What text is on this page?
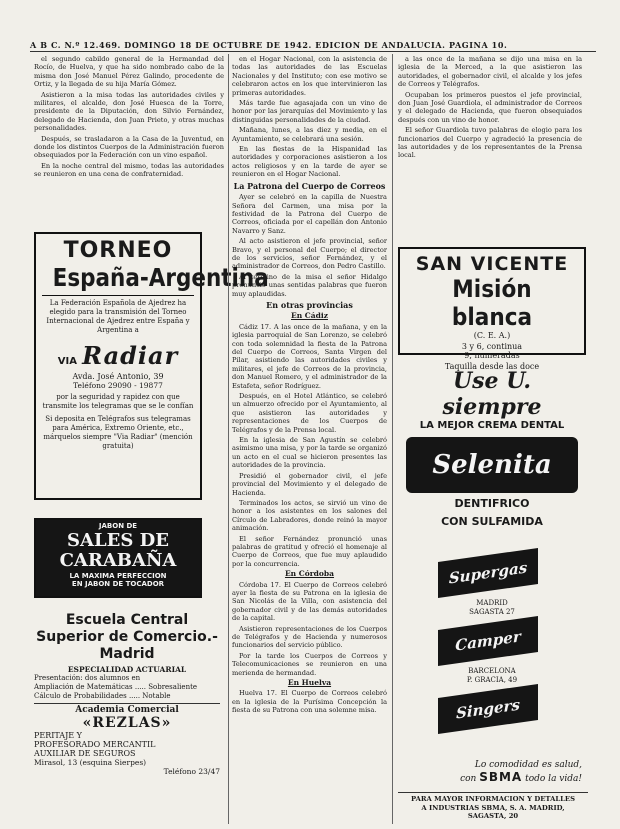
A B C. N.º 12.469. DOMINGO 18 DE OCTUBRE DE 1942. EDICION DE ANDALUCIA. PAGINA 10.

el segundo cabildo general de la Hermandad del Rocío, de Huelva, y que ha sido nombrado cabo de la misma don José Manuel Pérez Galindo, procedente de Ortiz, y la llegada de su hija María Gómez.

Asistieron a la misa todas las autoridades civiles y militares, el alcalde, don José Huesca de la Torre, presidente de la Diputación, don Silvio Fernández, delegado de Hacienda, don Juan Prieto, y otras muchas personalidades.

Después, se trasladaron a la Casa de la Juventud, en donde los distintos Cuerpos de la Administración fueron obsequiados por la Federación con un vino español.

En la noche central del mismo, todas las autoridades se reunieron en una cena de confraternidad.

TORNEO
España-Argentina
La Federación Española de Ajedrez ha elegido para la transmisión del Torneo Internacional de Ajedrez entre España y Argentina a
VIA Radiar
Avda. José Antonio, 39
Teléfono 29090 - 19877
por la seguridad y rapidez con que transmite los telegramas que se le confían
Si deposita en Telégrafos sus telegramas para América, Extremo Oriente, etc., márquelos siempre "Via Radiar" (mención gratuita)
JABON DE
SALES DE CARABAÑA
LA MAXIMA PERFECCION
EN JABON DE TOCADOR
Escuela Central Superior de Comercio.-Madrid
ESPECIALIDAD ACTUARIAL
Presentación: dos alumnos en
Ampliación de Matemáticas ..... Sobresaliente
Cálculo de Probabilidades ..... Notable
Academia Comercial
«REZLAS»
PERITAJE Y
PROFESORADO MERCANTIL
AUXILIAR DE SEGUROS
Mirasol, 13 (esquina Sierpes)
Teléfono 23/47

en el Hogar Nacional, con la asistencia de todas las autoridades de las Escuelas Nacionales y del Instituto; con ese motivo se celebraron actos en los que intervinieron las primeras autoridades.

Más tarde fue agasajada con un vino de honor por las jerarquías del Movimiento y las distinguidas personalidades de la ciudad.

Mañana, lunes, a las diez y media, en el Ayuntamiento, se celebrará una sesión.

En las fiestas de la Hispanidad las autoridades y corporaciones asistieron a los actos religiosos y en la tarde de ayer se reunieron en el Hogar Nacional.

La Patrona del Cuerpo de Correos

Ayer se celebró en la capilla de Nuestra Señora del Carmen, una misa por la festividad de la Patrona del Cuerpo de Correos, oficiada por el capellán don Antonio Navarro y Sanz.

Al acto asistieron el jefe provincial, señor Bravo, y el personal del Cuerpo; el director de los servicios, señor Fernández, y el administrador de Correos, don Pedro Castillo.

Al término de la misa el señor Hidalgo pronunció unas sentidas palabras que fueron muy aplaudidas.

En otras provincias
En Cádiz

Cádiz 17. A las once de la mañana, y en la iglesia parroquial de San Lorenzo, se celebró con toda solemnidad la fiesta de la Patrona del Cuerpo de Correos, Santa Virgen del Pilar, asistiendo las autoridades civiles y militares, el jefe de Correos de la provincia, don Manuel Romero, y el administrador de la Estafeta, señor Rodríguez.

Después, en el Hotel Atlántico, se celebró un almuerzo ofrecido por el Ayuntamiento, al que asistieron las autoridades y representaciones de los Cuerpos de Telégrafos y de la Prensa local.

En la iglesia de San Agustín se celebró asimismo una misa, y por la tarde se organizó un acto en el cual se hicieron presentes las autoridades de la provincia.

Presidió el gobernador civil, el jefe provincial del Movimiento y el delegado de Hacienda.

Terminados los actos, se sirvió un vino de honor a los asistentes en los salones del Círculo de Labradores, donde reinó la mayor animación.

El señor Fernández pronunció unas palabras de gratitud y ofreció el homenaje al Cuerpo de Correos, que fue muy aplaudido por la concurrencia.

En Córdoba

Córdoba 17. El Cuerpo de Correos celebró ayer la fiesta de su Patrona en la iglesia de San Nicolás de la Villa, con asistencia del gobernador civil y de las demás autoridades de la capital.

Asistieron representaciones de los Cuerpos de Telégrafos y de Hacienda y numerosos funcionarios del servicio público.

Por la tarde los Cuerpos de Correos y Telecomunicaciones se reunieron en una merienda de hermandad.

En Huelva

Huelva 17. El Cuerpo de Correos celebró en la iglesia de la Purísima Concepción la fiesta de su Patrona con una solemne misa.

a las once de la mañana se dijo una misa en la iglesia de la Merced, a la que asistieron las autoridades, el gobernador civil, el alcalde y los jefes de Correos y Telégrafos.

Ocupaban los primeros puestos el jefe provincial, don Juan José Guardiola, el administrador de Correos y el delegado de Hacienda, que fueron obsequiados después con un vino de honor.

El señor Guardiola tuvo palabras de elogio para los funcionarios del Cuerpo y agradeció la presencia de las autoridades y de los representantes de la Prensa local.

SAN VICENTE
Misión blanca
(C. E. A.)
3 y 6, continua
9, numeradas
Taquilla desde las doce
Use U. siempre
LA MEJOR CREMA DENTAL
Selenita
DENTIFRICO
CON SULFAMIDA
Supergas
MADRID
SAGASTA 27
Camper
BARCELONA
P. GRACIA, 49
Singers
Lo comodidad es salud,
con SBMA todo la vida!
PARA MAYOR INFORMACION Y DETALLES
A INDUSTRIAS SBMA, S. A. MADRID,
SAGASTA, 20
